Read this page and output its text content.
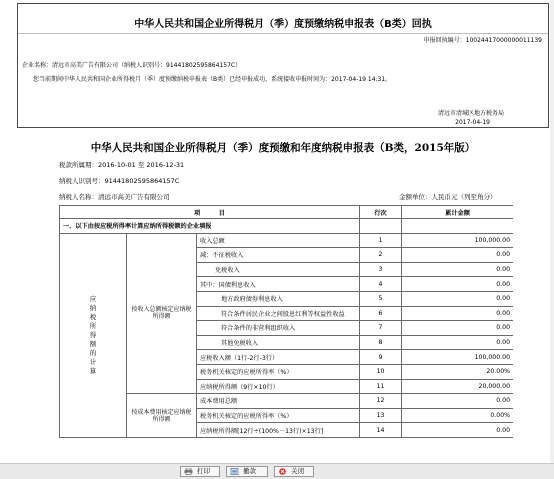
中华人民共和国企业所得税月（季）度预缴纳税申报表（B类）回执
申报回执编号：10024417000000011139
企业名称：清远市高美广告有限公司（纳税人识别号：91441802595864157C）
您当前期间中华人民共和国企业所得税月（季）度预缴纳税申报表（B类）已经申报成功，系统接收申报时间为：2017-04-19 14:31。
清远市清城区地方税务局
2017-04-19
中华人民共和国企业所得税月（季）度预缴和年度纳税申报表（B类，2015年版）
税款所属期：2016-10-01 至 2016-12-31
纳税人识别号：91441802595864157C
纳税人名称：清远市高美广告有限公司	金额单位：人民币元（列至角分）
项　　　目			行次	累计金额
一、以下由按应税所得率计算应纳所得税额的企业填报				
应纳税所得额的计算	按收入总额核定应纳税所得额	收入总额	1	100,000.00
		减：不征税收入	2	0.00
		免税收入	3	0.00
		其中：国债利息收入	4	0.00
		地方政府债券利息收入	5	0.00
		符合条件居民企业之间股息红利等权益性收益	6	0.00
		符合条件的非营利组织收入	7	0.00
		其他免税收入	8	0.00
		应税收入额（1行-2行-3行）	9	100,000.00
		税务机关核定的应税所得率（%）	10	20.00%
		应纳税所得额（9行×10行）	11	20,000.00
	按成本费用核定应纳税所得额	成本费用总额	12	0.00
		税务机关核定的应税所得率（%）	13	0.00%
		应纳税所得额[12行÷(100%－13行)×13行]	14	0.00
打印	撤款	关闭
